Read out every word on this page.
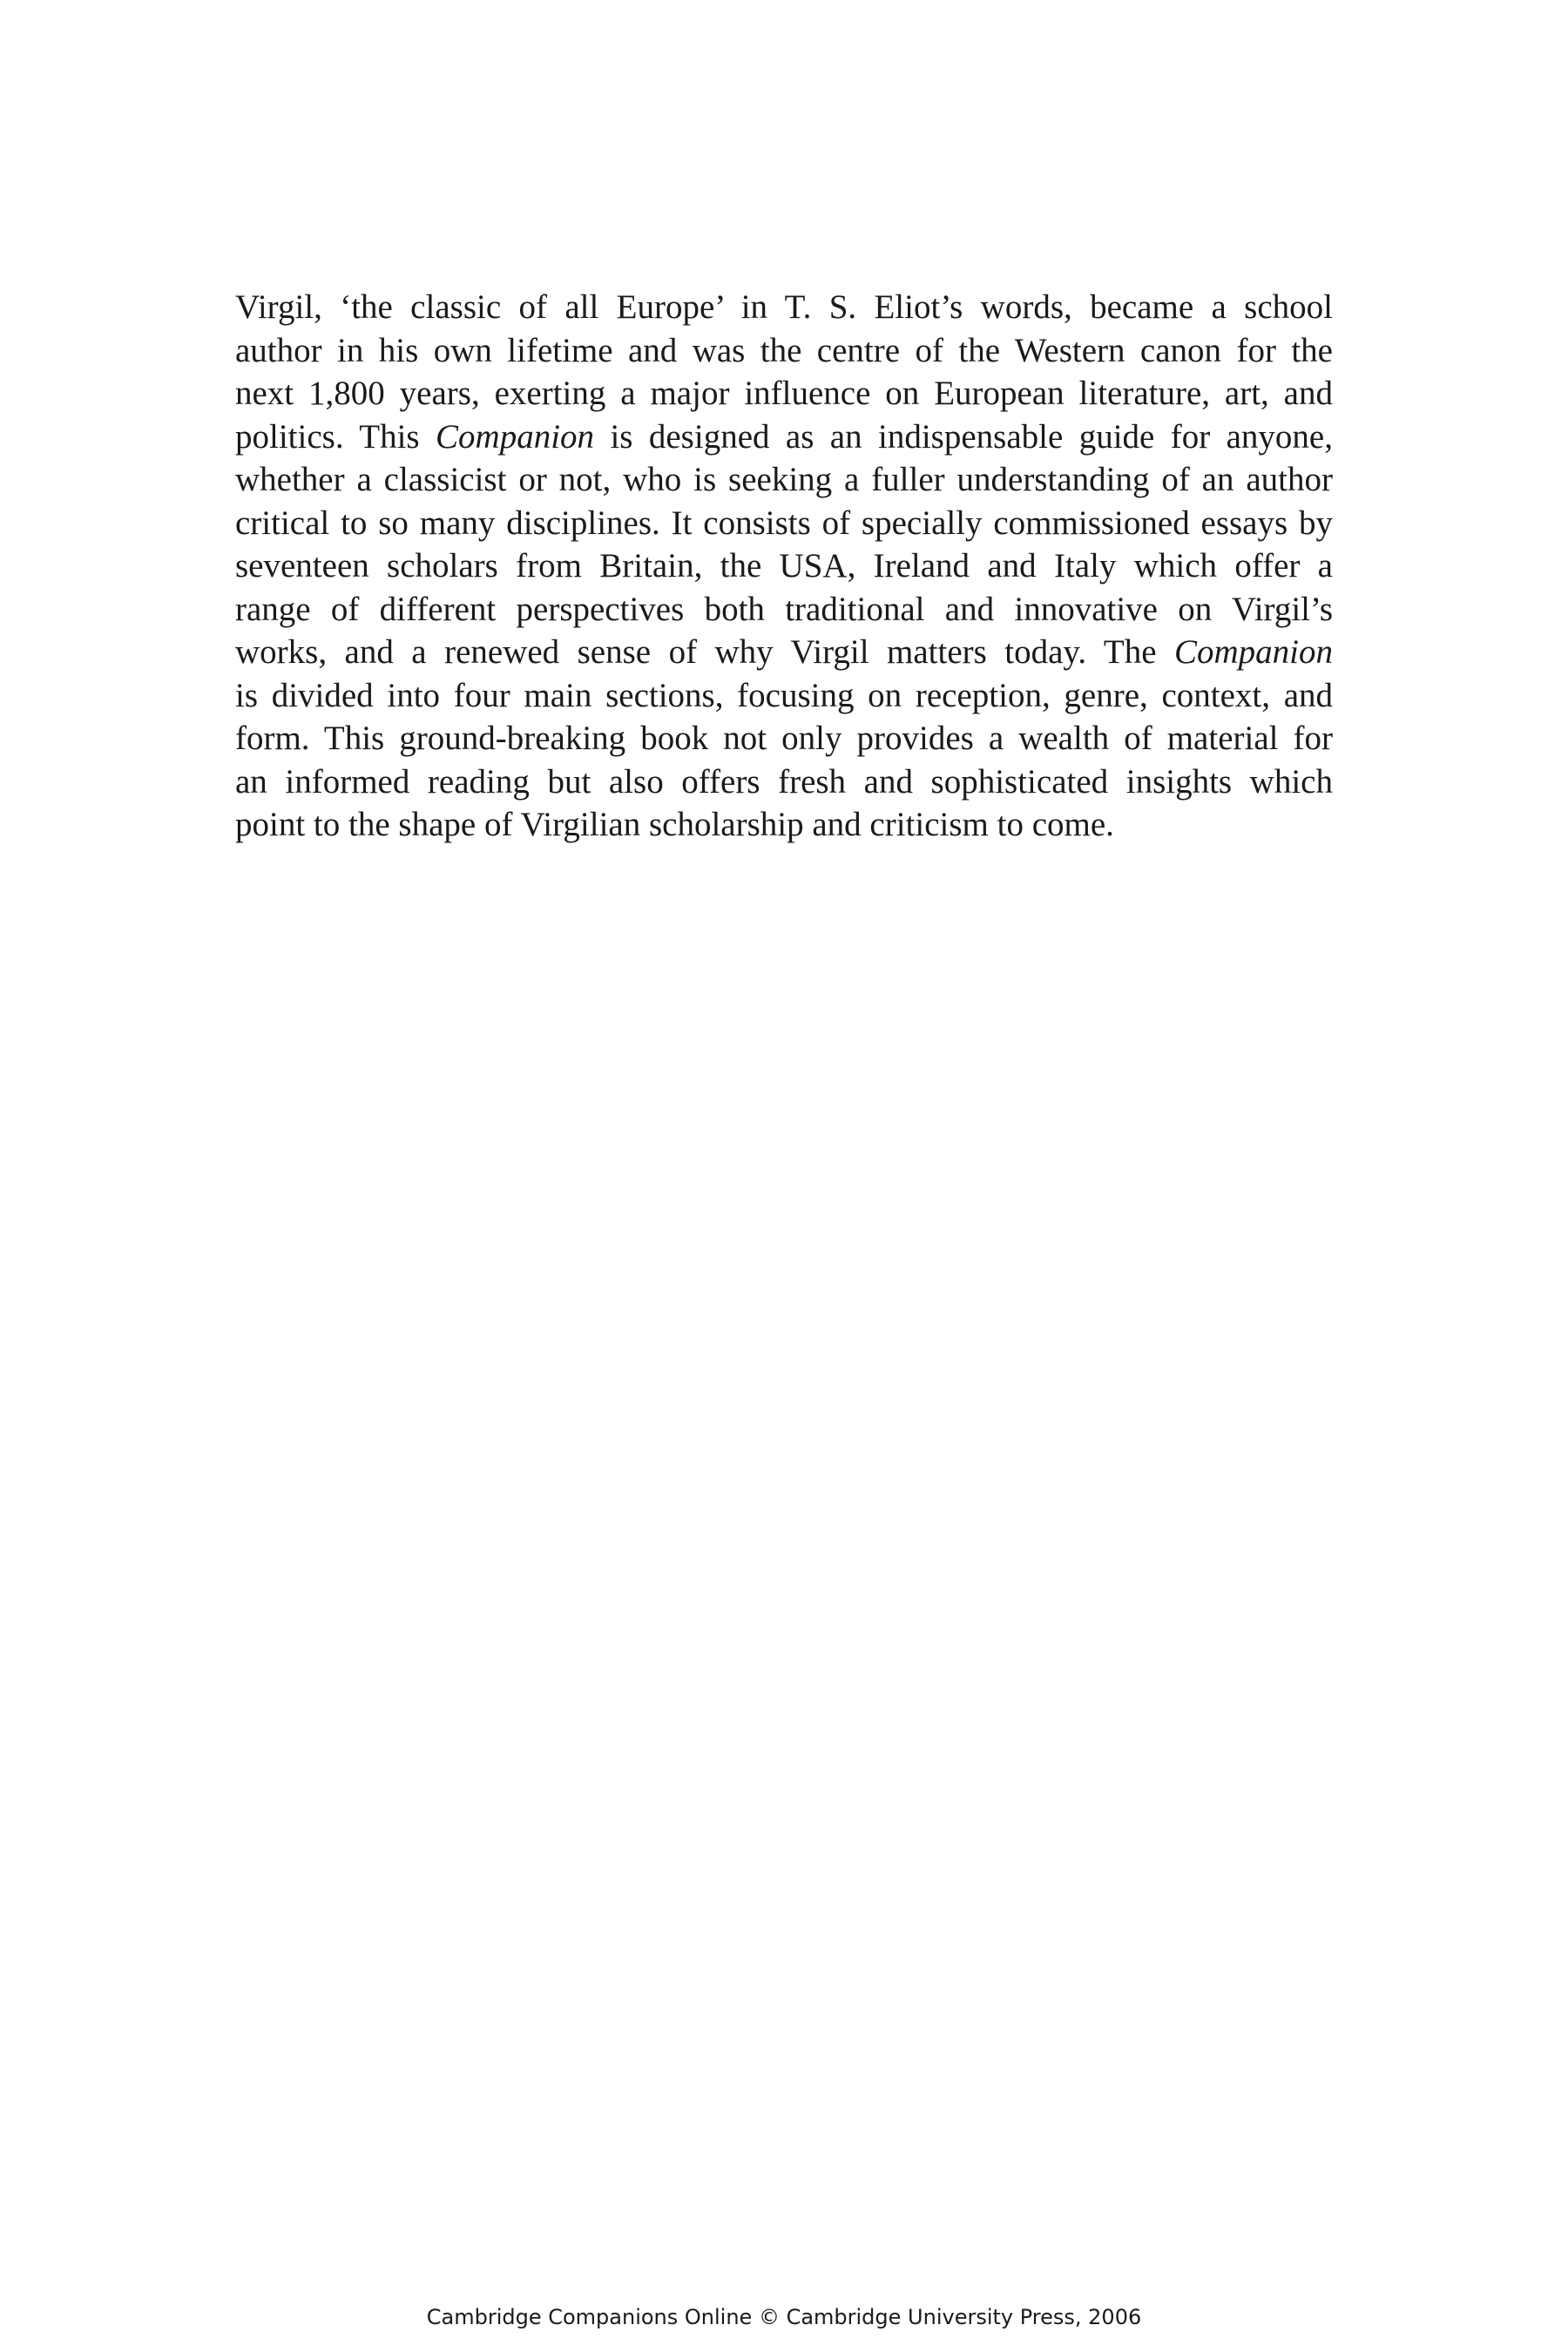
Virgil, ‘the classic of all Europe’ in T. S. Eliot’s words, became a school
author in his own lifetime and was the centre of the Western canon for the
next 1,800 years, exerting a major influence on European literature, art, and
politics. This Companion is designed as an indispensable guide for anyone,
whether a classicist or not, who is seeking a fuller understanding of an author
critical to so many disciplines. It consists of specially commissioned essays by
seventeen scholars from Britain, the USA, Ireland and Italy which offer a
range of different perspectives both traditional and innovative on Virgil’s
works, and a renewed sense of why Virgil matters today. The Companion
is divided into four main sections, focusing on reception, genre, context, and
form. This ground-breaking book not only provides a wealth of material for
an informed reading but also offers fresh and sophisticated insights which
point to the shape of Virgilian scholarship and criticism to come.

Cambridge Companions Online © Cambridge University Press, 2006
